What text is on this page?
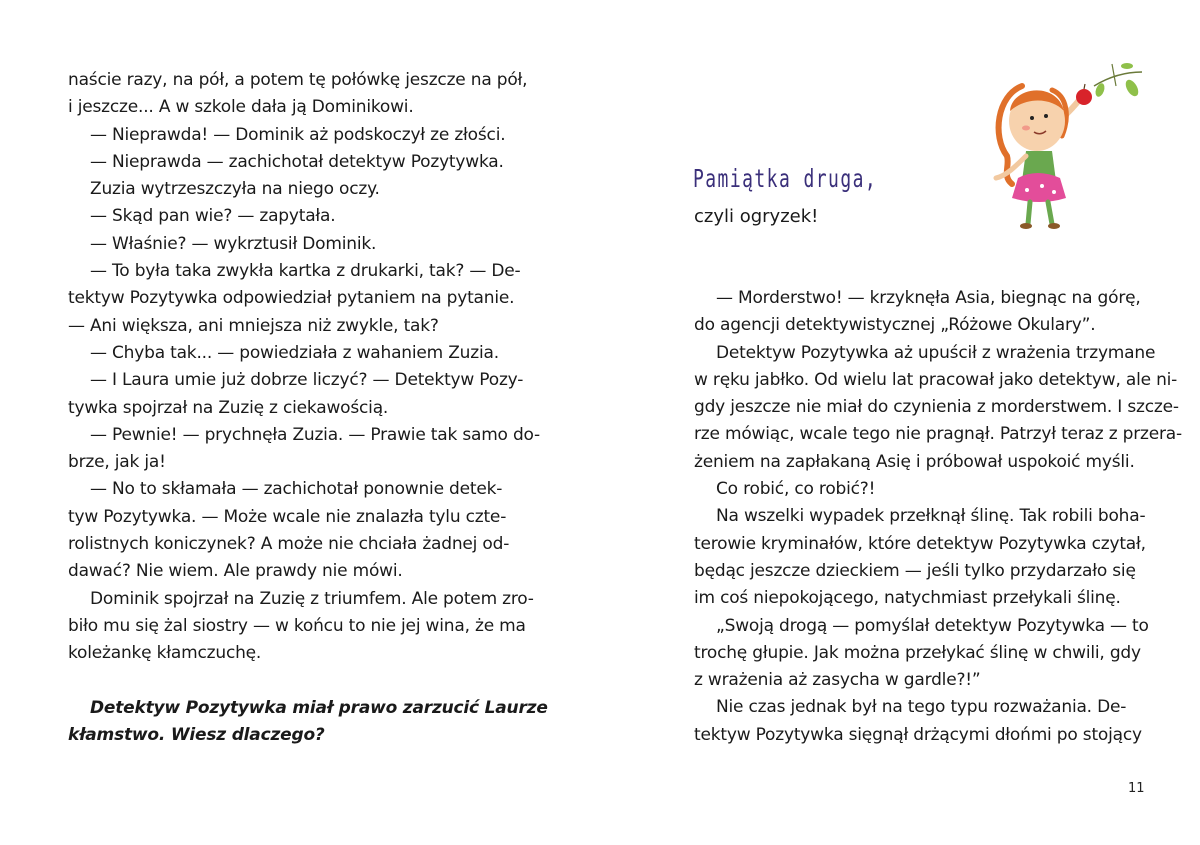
naście razy, na pół, a potem tę połówkę jeszcze na pół,
i jeszcze... A w szkole dała ją Dominikowi.
— Nieprawda! — Dominik aż podskoczył ze złości.
— Nieprawda — zachichotał detektyw Pozytywka.
Zuzia wytrzeszczyła na niego oczy.
— Skąd pan wie? — zapytała.
— Właśnie? — wykrztusił Dominik.
— To była taka zwykła kartka z drukarki, tak? — De-
tektyw Pozytywka odpowiedział pytaniem na pytanie.
— Ani większa, ani mniejsza niż zwykle, tak?
— Chyba tak... — powiedziała z wahaniem Zuzia.
— I Laura umie już dobrze liczyć? — Detektyw Pozy-
tywka spojrzał na Zuzię z ciekawością.
— Pewnie! — prychnęła Zuzia. — Prawie tak samo do-
brze, jak ja!
— No to skłamała — zachichotał ponownie detek-
tyw Pozytywka. — Może wcale nie znalazła tylu czte-
rolistnych koniczynek? A może nie chciała żadnej od-
dawać? Nie wiem. Ale prawdy nie mówi.
Dominik spojrzał na Zuzię z triumfem. Ale potem zro-
biło mu się żal siostry — w końcu to nie jej wina, że ma
koleżankę kłamczuchę.
Detektyw Pozytywka miał prawo zarzucić Laurze
kłamstwo. Wiesz dlaczego?
Pamiątka druga,
czyli ogryzek!
— Morderstwo! — krzyknęła Asia, biegnąc na górę,
do agencji detektywistycznej „Różowe Okulary”.
Detektyw Pozytywka aż upuścił z wrażenia trzymane
w ręku jabłko. Od wielu lat pracował jako detektyw, ale ni-
gdy jeszcze nie miał do czynienia z morderstwem. I szcze-
rze mówiąc, wcale tego nie pragnął. Patrzył teraz z przera-
żeniem na zapłakaną Asię i próbował uspokoić myśli.
Co robić, co robić?!
Na wszelki wypadek przełknął ślinę. Tak robili boha-
terowie kryminałów, które detektyw Pozytywka czytał,
będąc jeszcze dzieckiem — jeśli tylko przydarzało się
im coś niepokojącego, natychmiast przełykali ślinę.
„Swoją drogą — pomyślał detektyw Pozytywka — to
trochę głupie. Jak można przełykać ślinę w chwili, gdy
z wrażenia aż zasycha w gardle?!”
Nie czas jednak był na tego typu rozważania. De-
tektyw Pozytywka sięgnął drżącymi dłońmi po stojący
11
